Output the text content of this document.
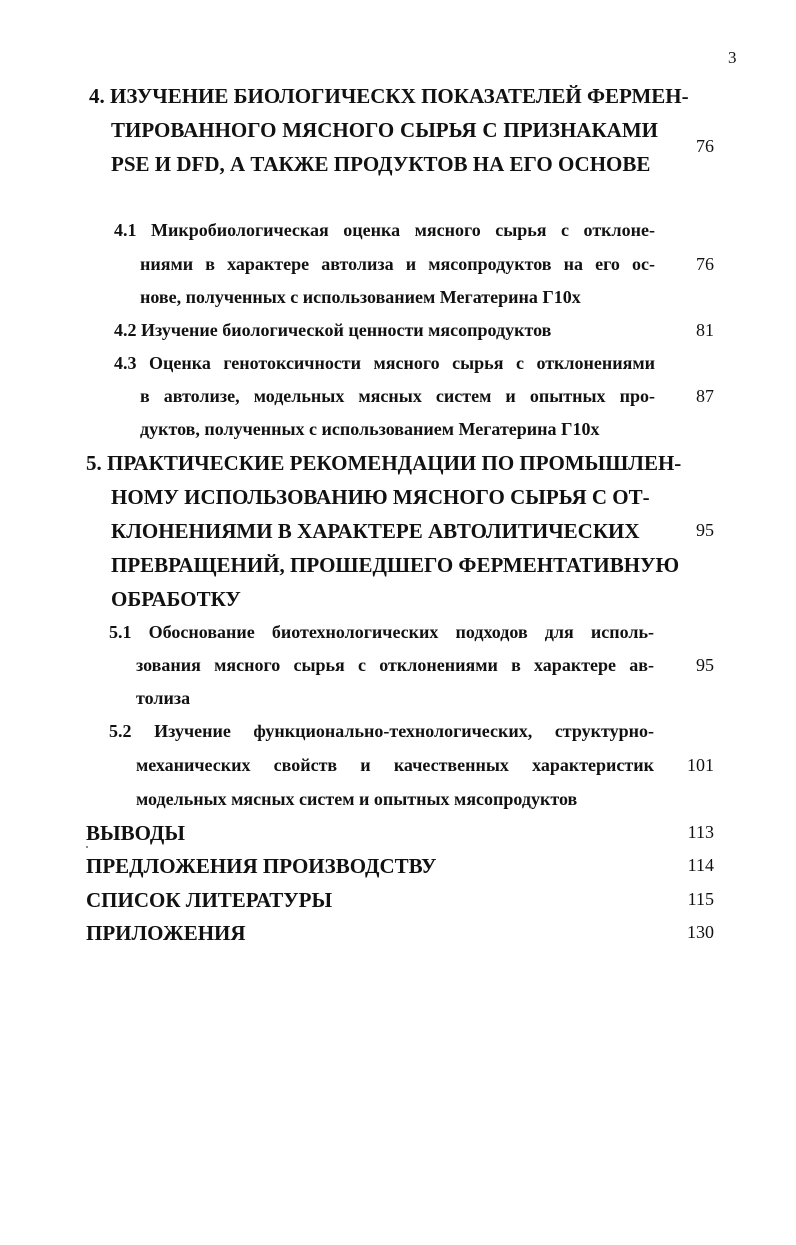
3
4. ИЗУЧЕНИЕ БИОЛОГИЧЕСКХ ПОКАЗАТЕЛЕЙ ФЕРМЕН-
ТИРОВАННОГО МЯСНОГО СЫРЬЯ С ПРИЗНАКАМИ
PSE И DFD, А ТАКЖЕ ПРОДУКТОВ НА ЕГО ОСНОВЕ
76
4.1 Микробиологическая оценка мясного сырья с отклоне-
ниями в характере автолиза и мясопродуктов на его ос-
нове, полученных с использованием Мегатерина Г10х
76
4.2 Изучение биологической ценности мясопродуктов	81
4.3 Оценка генотоксичности мясного сырья с отклонениями
в автолизе, модельных мясных систем и опытных про-
дуктов, полученных с использованием Мегатерина Г10х
87
5. ПРАКТИЧЕСКИЕ РЕКОМЕНДАЦИИ ПО ПРОМЫШЛЕН-
НОМУ ИСПОЛЬЗОВАНИЮ МЯСНОГО СЫРЬЯ С ОТ-
КЛОНЕНИЯМИ В ХАРАКТЕРЕ АВТОЛИТИЧЕСКИХ
ПРЕВРАЩЕНИЙ, ПРОШЕДШЕГО ФЕРМЕНТАТИВНУЮ
ОБРАБОТКУ
95
5.1 Обоснование биотехнологических подходов для исполь-
зования мясного сырья с отклонениями в характере ав-
толиза
95
5.2 Изучение функционально-технологических, структурно-
механических свойств и качественных характеристик
модельных мясных систем и опытных мясопродуктов
101
ВЫВОДЫ	113
ПРЕДЛОЖЕНИЯ ПРОИЗВОДСТВУ	114
СПИСОК ЛИТЕРАТУРЫ	115
ПРИЛОЖЕНИЯ	130
